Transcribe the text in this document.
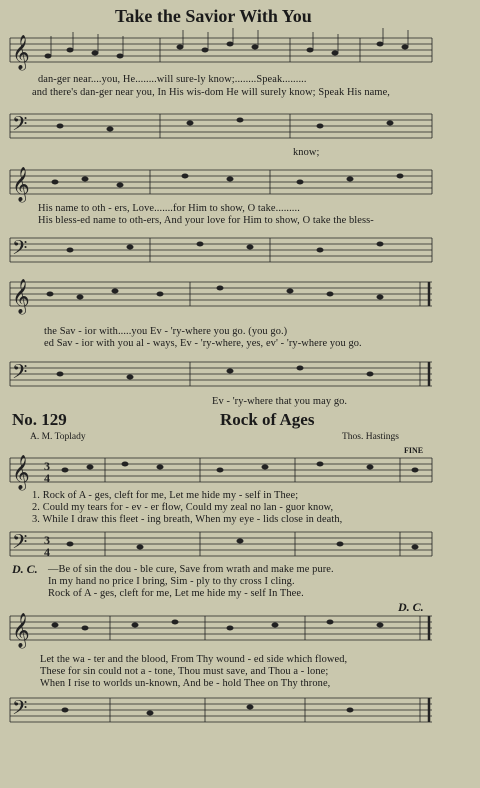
Take the Savior With You
𝄞
dan-ger near....you, He........will sure-ly know;........Speak.........
and there's dan-ger near you, In His wis-dom He will surely know; Speak His name,
𝄢
know;
𝄞
His name to oth - ers, Love.......for Him to show, O take.........
His bless-ed name to oth-ers, And your love for Him to show, O take the bless-
𝄢
𝄞
the Sav - ior with.....you Ev - 'ry-where you go. (you go.)
ed Sav - ior with you al - ways, Ev - 'ry-where, yes, ev' - 'ry-where you go.
𝄢
Ev - 'ry-where that you may go.
No. 129	Rock of Ages
A. M. Toplady	Thos. Hastings
FINE
𝄞 3
4
1. Rock of A - ges, cleft for me, Let me hide my - self in Thee;
2. Could my tears for - ev - er flow, Could my zeal no lan - guor know,
3. While I draw this fleet - ing breath, When my eye - lids close in death,
𝄢 3
4
D. C. —Be of sin the dou - ble cure, Save from wrath and make me pure.
In my hand no price I bring, Sim - ply to thy cross I cling.
Rock of A - ges, cleft for me, Let me hide my - self In Thee.
D. C.
𝄞
Let the wa - ter and the blood, From Thy wound - ed side which flowed,
These for sin could not a - tone, Thou must save, and Thou a - lone;
When I rise to worlds un-known, And be - hold Thee on Thy throne,
𝄢
